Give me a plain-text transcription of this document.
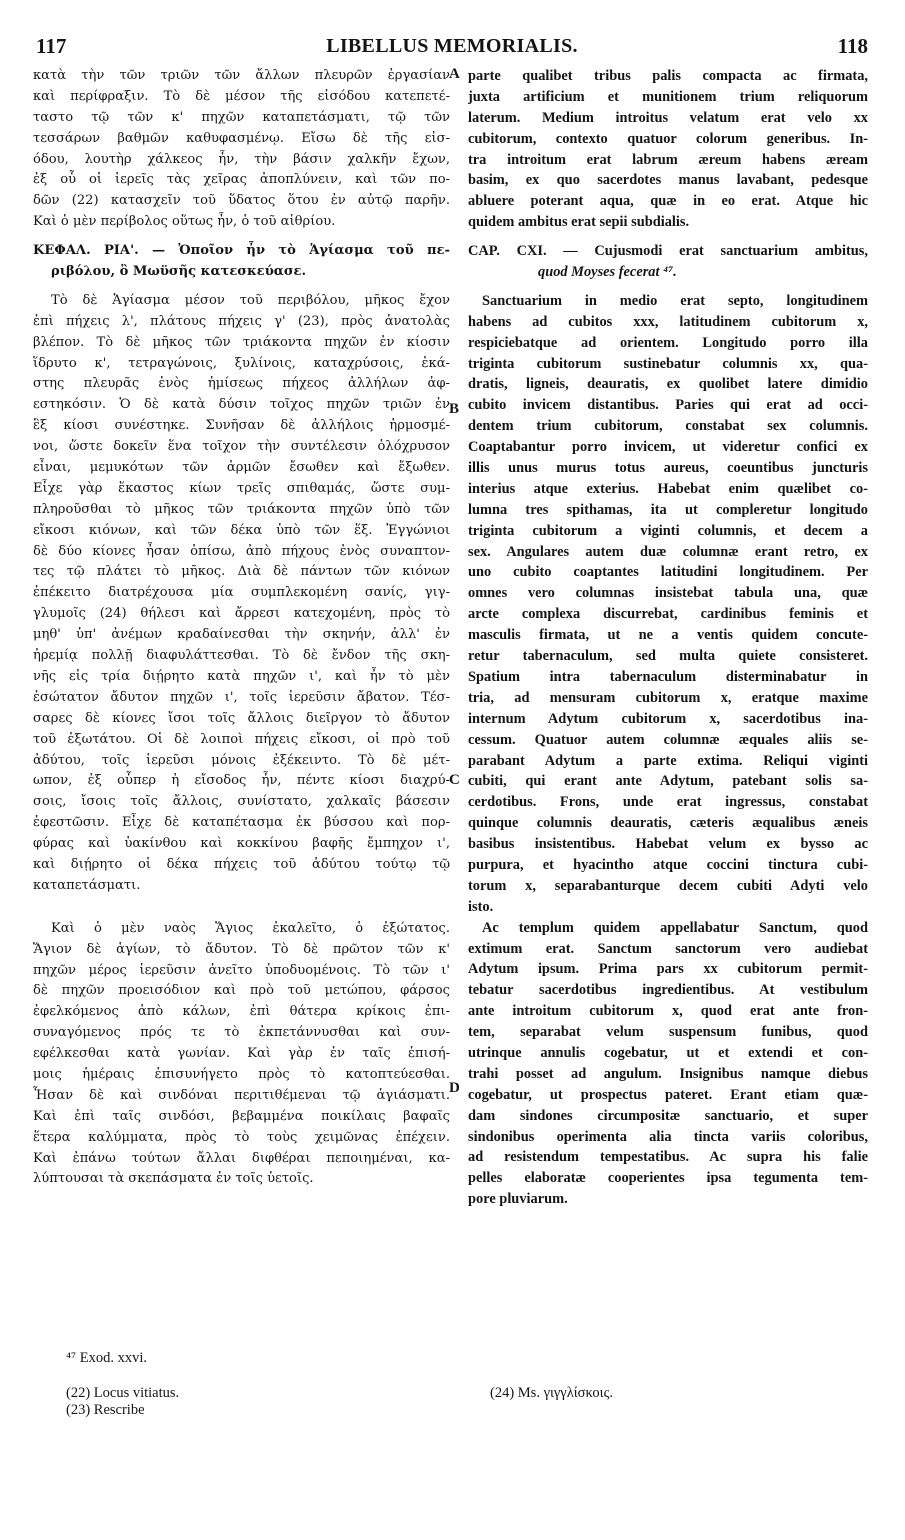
117	LIBELLUS MEMORIALIS.	118
κατὰ τὴν τῶν τριῶν τῶν ἄλλων πλευρῶν ἐργασίαν
καὶ περίφραξιν. Τὸ δὲ μέσον τῆς εἰσόδου κατεπετέ-
ταστο τῷ τῶν κ' πηχῶν καταπετάσματι, τῷ τῶν
τεσσάρων βαθμῶν καθυφασμένῳ. Εἴσω δὲ τῆς εἰσ-
όδου, λουτὴρ χάλκεος ἦν, τὴν βάσιν χαλκῆν ἔχων,
ἐξ οὗ οἱ ἱερεῖς τὰς χεῖρας ἀποπλύνειν, καὶ τῶν πο-
δῶν (22) κατασχεῖν τοῦ ὕδατος ὅτου ἐν αὐτῷ παρῆν.
Καὶ ὁ μὲν περίβολος οὕτως ἦν, ὁ τοῦ αἰθρίου.
ΚΕΦΑΛ. ΡΙΑ'. — Ὁποῖον ἦν τὸ Ἁγίασμα τοῦ πε-
ριβόλου, ὃ Μωϋσῆς κατεσκεύασε.
Τὸ δὲ Ἁγίασμα μέσον τοῦ περιβόλου, μῆκος ἔχον
ἐπὶ πήχεις λ', πλάτους πήχεις γ' (23), πρὸς ἀνατολὰς
βλέπον. Τὸ δὲ μῆκος τῶν τριάκοντα πηχῶν ἐν κίοσιν
ἵδρυτο κ', τετραγώνοις, ξυλίνοις, καταχρύσοις, ἑκά-
στης πλευρᾶς ἑνὸς ἡμίσεως πήχεος ἀλλήλων ἀφ-
εστηκόσιν. Ὁ δὲ κατὰ δύσιν τοῖχος πηχῶν τριῶν ἐν
ἓξ κίοσι συνέστηκε. Συνῆσαν δὲ ἀλλήλοις ἡρμοσμέ-
νοι, ὥστε δοκεῖν ἕνα τοῖχον τὴν συντέλεσιν ὁλόχρυσον
εἶναι, μεμυκότων τῶν ἁρμῶν ἔσωθεν καὶ ἔξωθεν.
Εἶχε γὰρ ἕκαστος κίων τρεῖς σπιθαμάς, ὥστε συμ-
πληροῦσθαι τὸ μῆκος τῶν τριάκοντα πηχῶν ὑπὸ τῶν
εἴκοσι κιόνων, καὶ τῶν δέκα ὑπὸ τῶν ἕξ. Ἐγγώνιοι
δὲ δύο κίονες ἦσαν ὀπίσω, ἀπὸ πήχους ἑνὸς συναπτον-
τες τῷ πλάτει τὸ μῆκος. Διὰ δὲ πάντων τῶν κιόνων
ἐπέκειτο διατρέχουσα μία συμπλεκομένη σανίς, γιγ-
γλυμοῖς (24) θήλεσι καὶ ἄρρεσι κατεχομένη, πρὸς τὸ
μηθ' ὑπ' ἀνέμων κραδαίνεσθαι τὴν σκηνήν, ἀλλ' ἐν
ἠρεμίᾳ πολλῇ διαφυλάττεσθαι. Τὸ δὲ ἔνδον τῆς σκη-
νῆς εἰς τρία διῄρητο κατὰ πηχῶν ι', καὶ ἦν τὸ μὲν
ἐσώτατον ἄδυτον πηχῶν ι', τοῖς ἱερεῦσιν ἄβατον. Τέσ-
σαρες δὲ κίονες ἴσοι τοῖς ἄλλοις διεῖργον τὸ ἄδυτον
τοῦ ἐξωτάτου. Οἱ δὲ λοιποὶ πήχεις εἴκοσι, οἱ πρὸ τοῦ
ἀδύτου, τοῖς ἱερεῦσι μόνοις ἐξέκειντο. Τὸ δὲ μέτ-
ωπον, ἐξ οὗπερ ἡ εἴσοδος ἦν, πέντε κίοσι διαχρύ-
σοις, ἴσοις τοῖς ἄλλοις, συνίστατο, χαλκαῖς βάσεσιν
ἐφεστῶσιν. Εἶχε δὲ καταπέτασμα ἐκ βύσσου καὶ πορ-
φύρας καὶ ὑακίνθου καὶ κοκκίνου βαφῆς ἔμπηχον ι',
καὶ διῄρητο οἱ δέκα πήχεις τοῦ ἀδύτου τούτῳ τῷ
καταπετάσματι.
Καὶ ὁ μὲν ναὸς Ἅγιος ἐκαλεῖτο, ὁ ἐξώτατος.
Ἅγιον δὲ ἁγίων, τὸ ἄδυτον. Τὸ δὲ πρῶτον τῶν κ'
πηχῶν μέρος ἱερεῦσιν ἀνεῖτο ὑποδυομένοις. Τὸ τῶν ι'
δὲ πηχῶν προεισόδιον καὶ πρὸ τοῦ μετώπου, φάρσος
ἐφελκόμενος ἀπὸ κάλων, ἐπὶ θάτερα κρίκοις ἐπι-
συναγόμενος πρός τε τὸ ἐκπετάννυσθαι καὶ συν-
εφέλκεσθαι κατὰ γωνίαν. Καὶ γὰρ ἐν ταῖς ἐπισή-
μοις ἡμέραις ἐπισυνήγετο πρὸς τὸ κατοπτεύεσθαι.
Ἦσαν δὲ καὶ σινδόναι περιτιθέμεναι τῷ ἁγιάσματι.
Καὶ ἐπὶ ταῖς σινδόσι, βεβαμμένα ποικίλαις βαφαῖς
ἕτερα καλύμματα, πρὸς τὸ τοὺς χειμῶνας ἐπέχειν.
Καὶ ἐπάνω τούτων ἄλλαι διφθέραι πεποιημέναι, κα-
λύπτουσαι τὰ σκεπάσματα ἐν τοῖς ὑετοῖς.
A
B
C
D
parte qualibet tribus palis compacta ac firmata,
juxta artificium et munitionem trium reliquorum
laterum. Medium introitus velatum erat velo xx
cubitorum, contexto quatuor colorum generibus. In-
tra introitum erat labrum æreum habens æream
basim, ex quo sacerdotes manus lavabant, pedesque
abluere poterant aqua, quæ in eo erat. Atque hic
quidem ambitus erat sepii subdialis.
CAP. CXI. — Cujusmodi erat sanctuarium ambitus,
quod Moyses fecerat ⁴⁷.
Sanctuarium in medio erat septo, longitudinem
habens ad cubitos xxx, latitudinem cubitorum x,
respiciebatque ad orientem. Longitudo porro illa
triginta cubitorum sustinebatur columnis xx, qua-
dratis, ligneis, deauratis, ex quolibet latere dimidio
cubito invicem distantibus. Paries qui erat ad occi-
dentem trium cubitorum, constabat sex columnis.
Coaptabantur porro invicem, ut videretur confici ex
illis unus murus totus aureus, coeuntibus juncturis
interius atque exterius. Habebat enim quælibet co-
lumna tres spithamas, ita ut compleretur longitudo
triginta cubitorum a viginti columnis, et decem a
sex. Angulares autem duæ columnæ erant retro, ex
uno cubito coaptantes latitudini longitudinem. Per
omnes vero columnas insistebat tabula una, quæ
arcte complexa discurrebat, cardinibus feminis et
masculis firmata, ut ne a ventis quidem concute-
retur tabernaculum, sed multa quiete consisteret.
Spatium intra tabernaculum disterminabatur in
tria, ad mensuram cubitorum x, eratque maxime
internum Adytum cubitorum x, sacerdotibus ina-
cessum. Quatuor autem columnæ æquales aliis se-
parabant Adytum a parte extima. Reliqui viginti
cubiti, qui erant ante Adytum, patebant solis sa-
cerdotibus. Frons, unde erat ingressus, constabat
quinque columnis deauratis, cæteris æqualibus æneis
basibus insistentibus. Habebat velum ex bysso ac
purpura, et hyacintho atque coccini tinctura cubi-
torum x, separabanturque decem cubiti Adyti velo
isto.
Ac templum quidem appellabatur Sanctum, quod
extimum erat. Sanctum sanctorum vero audiebat
Adytum ipsum. Prima pars xx cubitorum permit-
tebatur sacerdotibus ingredientibus. At vestibulum
ante introitum cubitorum x, quod erat ante fron-
tem, separabat velum suspensum funibus, quod
utrinque annulis cogebatur, ut et extendi et con-
trahi posset ad angulum. Insignibus namque diebus
cogebatur, ut prospectus pateret. Erant etiam quæ-
dam sindones circumpositæ sanctuario, et super
sindonibus operimenta alia tincta variis coloribus,
ad resistendum tempestatibus. Ac supra his falie
pelles elaboratæ cooperientes ipsa tegumenta tem-
pore pluviarum.
⁴⁷ Exod. xxvi.
(22) Locus vitiatus.
(23) Rescribe
(24) Ms. γιγγλίσκοις.
